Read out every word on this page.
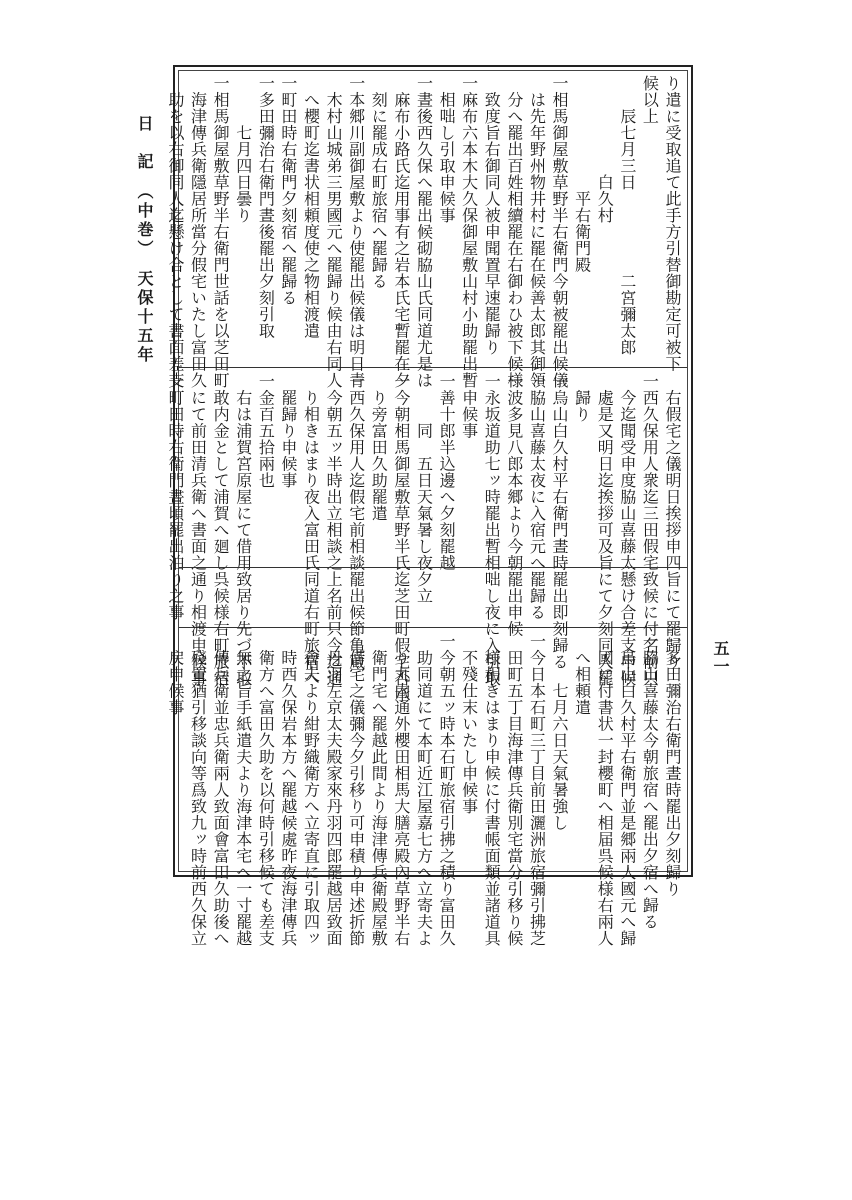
日　記　（中巻）　天保十五年	り遣に受取追て此手方引替御勘定可被下
候以上
　　辰七月三日　　　　　二宮彌太郎
　　　　　　白久村
　　　　　　　平右衛門殿
一相馬御屋敷草野半右衛門今朝被罷出候儀
　は先年野州物井村に罷在候善太郎其御領
　分へ罷出百姓相續罷在右御わひ被下候様
　致度旨右御同人被申聞置早速罷歸り
一麻布六本木大久保御屋敷山村小助罷出暫
　相咄し引取申候事
一晝後西久保へ罷出候砌脇山氏同道尤是は
　麻布小路氏迄用事有之岩本氏宅暫罷在夕
　刻に罷成右町旅宿へ罷歸る
一本郷川副御屋敷より使罷出候儀は明日青
　木村山城弟三男國元へ罷歸り候由右同人
　へ櫻町迄書状相頼度使之物相渡遣
一町田時右衛門夕刻宿へ罷歸る
一多田彌治右衛門晝後罷出夕刻引取
　　　七月四日曇り
一相馬御屋敷草野半右衛門世話を以芝田町
　海津傳兵衛隱居所當分假宅いたし富田久
　助を以右御同人迄懸け合として書面差支
　右假宅之儀明日挨拶申四旨にて罷歸り
一西久保用人衆迄三田假宅致候に付名前只
　今迄聞受申度脇山喜藤太懸け合差支申候
　處是又明日迄挨拶可及旨にて夕刻同人罷
　歸り
一烏山白久村平右衛門晝時罷出即刻歸る
一脇山喜藤太夜に入宿元へ罷歸る
一波多見八郎本郷より今朝罷出申候
一永坂道助七ッ時罷出暫相咄し夜に入引取
　申候事
一善十郎半込邊へ夕刻罷越
　　　同　五日天氣暑し夜夕立
一今朝相馬御屋敷草野半氏迄芝田町假宅否承
　り旁富田久助罷遣
一西久保用人迄假宅前相談罷出候節亀蔵
　今朝五ッ半時出立相談之上名前只今迄通
　り相きはまり夜入富田氏同道右町旅宿へ
　罷歸り申候事
一金百五拾兩也
　右は浦賀宮原屋にて借用致居り先づ不取
　敢内金として浦賀へ廻し呉候様右町旅宿
　にて前田清兵衛へ書面之通り相渡申候事
一町田時右衛門晝頃罷出泊り之事
一多田彌治右衛門晝時罷出夕刻歸り
一脇山喜藤太今朝旅宿へ罷出夕宿へ歸る
一烏山白久村平右衛門並是郷兩人國元へ歸
　國に付書状一封櫻町へ相届呉候様右兩人
　へ相頼遣
　　　七月六日天氣暑強し
一今日本石町三丁目前田灑洲旅宿彌引拂芝
　田町五丁目海津傳兵衛別宅當分引移り候
　様相きはまり申候に付書帳面類並諸道具
　不殘仕末いたし申候事
一今朝五ッ時本石町旅宿引拂之積り富田久
　助同道にて本町近江屋嘉七方へ立寄夫よ
　り丸内通外櫻田相馬大膳亮殿內草野半右
　衛門宅へ罷越此間より海津傳兵衛殿屋敷
　借宅之儀彌今夕引移り可申積り申述折節
　丹羽左京太夫殿家來丹羽四郎罷越居致面
　會夫より紺野織衛方へ立寄直に引取四ッ
　時西久保岩本方へ罷越候處昨夜海津傳兵
　衛方へ富田久助を以何時引移候ても差支
　無之旨手紙遣夫より海津本宅へ一寸罷越
　傳兵衛並忠兵衛兩人致面會富田久助後へ
　殘置猶引移談向等爲致九ッ時前西久保立
　戻申候事	五一
